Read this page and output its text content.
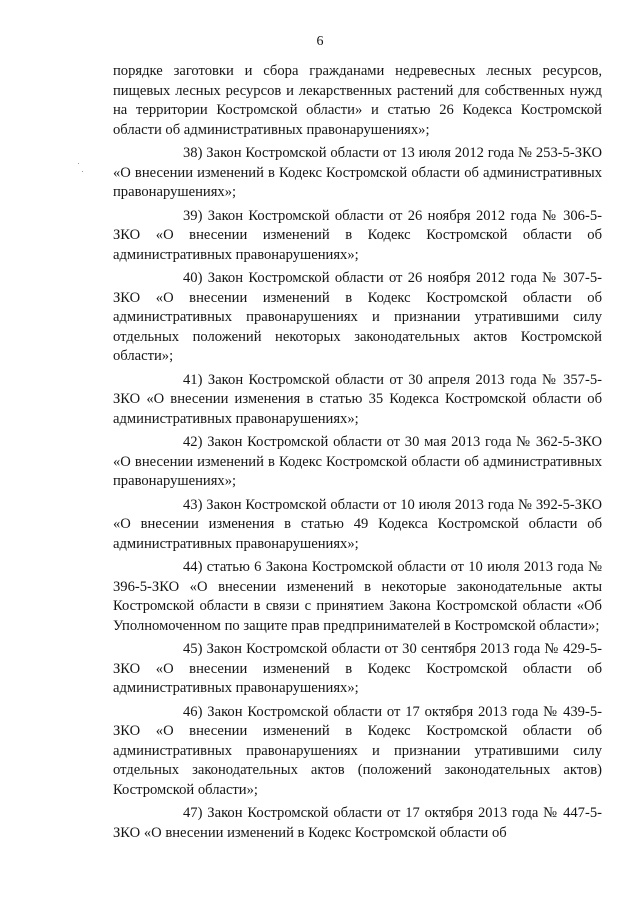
6

порядке заготовки и сбора гражданами недревесных лесных ресурсов, пищевых лесных ресурсов и лекарственных растений для собственных нужд на территории Костромской области» и статью 26 Кодекса Костромской области об административных правонарушениях»;

38) Закон Костромской области от 13 июля 2012 года № 253-5-ЗКО «О внесении изменений в Кодекс Костромской области об административных правонарушениях»;

39) Закон Костромской области от 26 ноября 2012 года № 306-5-ЗКО «О внесении изменений в Кодекс Костромской области об административных правонарушениях»;

40) Закон Костромской области от 26 ноября 2012 года № 307-5-ЗКО «О внесении изменений в Кодекс Костромской области об административных правонарушениях и признании утратившими силу отдельных положений некоторых законодательных актов Костромской области»;

41) Закон Костромской области от 30 апреля 2013 года № 357-5-ЗКО «О внесении изменения в статью 35 Кодекса Костромской области об административных правонарушениях»;

42) Закон Костромской области от 30 мая 2013 года № 362-5-ЗКО «О внесении изменений в Кодекс Костромской области об административных правонарушениях»;

43) Закон Костромской области от 10 июля 2013 года № 392-5-ЗКО «О внесении изменения в статью 49 Кодекса Костромской области об административных правонарушениях»;

44) статью 6 Закона Костромской области от 10 июля 2013 года № 396-5-ЗКО «О внесении изменений в некоторые законодательные акты Костромской области в связи с принятием Закона Костромской области «Об Уполномоченном по защите прав предпринимателей в Костромской области»;

45) Закон Костромской области от 30 сентября 2013 года № 429-5-ЗКО «О внесении изменений в Кодекс Костромской области об административных правонарушениях»;

46) Закон Костромской области от 17 октября 2013 года № 439-5-ЗКО «О внесении изменений в Кодекс Костромской области об административных правонарушениях и признании утратившими силу отдельных законодательных актов (положений законодательных актов) Костромской области»;

47) Закон Костромской области от 17 октября 2013 года № 447-5-ЗКО «О внесении изменений в Кодекс Костромской области об
